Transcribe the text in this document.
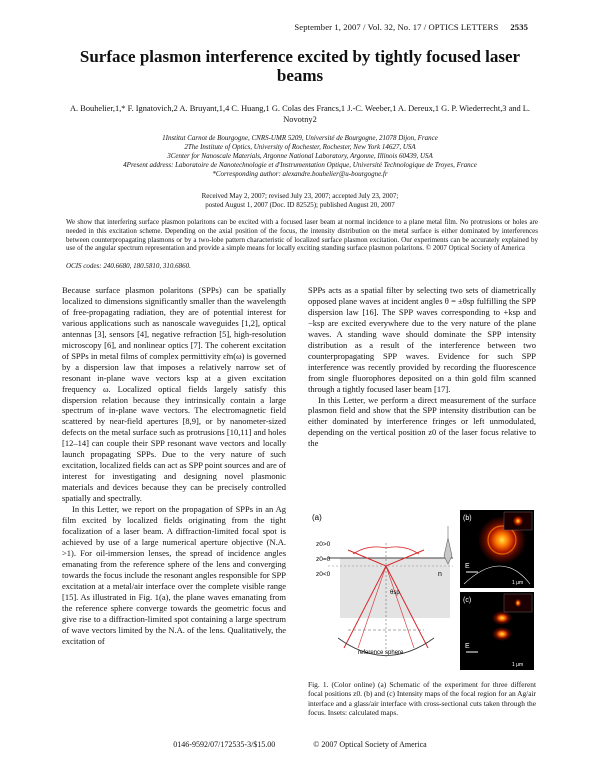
September 1, 2007 / Vol. 32, No. 17 / OPTICS LETTERS 2535
Surface plasmon interference excited by tightly focused laser beams
A. Bouhelier,1,* F. Ignatovich,2 A. Bruyant,1,4 C. Huang,1 G. Colas des Francs,1 J.-C. Weeber,1 A. Dereux,1 G. P. Wiederrecht,3 and L. Novotny2
1Institut Carnot de Bourgogne, CNRS-UMR 5209, Université de Bourgogne, 21078 Dijon, France
2The Institute of Optics, University of Rochester, Rochester, New York 14627, USA
3Center for Nanoscale Materials, Argonne National Laboratory, Argonne, Illinois 60439, USA
4Present address: Laboratoire de Nanotechnologie et d'Instrumentation Optique, Université Technologique de Troyes, France
*Corresponding author: alexandre.bouhelier@u-bourgogne.fr
Received May 2, 2007; revised July 23, 2007; accepted July 23, 2007;
posted August 1, 2007 (Doc. ID 82525); published August 20, 2007
We show that interfering surface plasmon polaritons can be excited with a focused laser beam at normal incidence to a plane metal film. No protrusions or holes are needed in this excitation scheme. Depending on the axial position of the focus, the intensity distribution on the metal surface is either dominated by interferences between counterpropagating plasmons or by a two-lobe pattern characteristic of localized surface plasmon excitation. Our experiments can be accurately explained by use of the angular spectrum representation and provide a simple means for locally exciting standing surface plasmon polaritons. © 2007 Optical Society of America
OCIS codes: 240.6680, 180.5810, 310.6860.

Because surface plasmon polaritons (SPPs) can be spatially localized to dimensions significantly smaller than the wavelength of free-propagating radiation, they are of potential interest for various applications such as nanoscale waveguides [1,2], optical antennas [3], sensors [4], negative refraction [5], high-resolution microscopy [6], and nonlinear optics [7]. The coherent excitation of SPPs in metal films of complex permittivity ε̃m(ω) is governed by a dispersion law that imposes a relatively narrow set of resonant in-plane wave vectors ksp at a given excitation frequency ω. Localized optical fields largely satisfy this dispersion relation because they intrinsically contain a large spectrum of in-plane wave vectors. The electromagnetic field scattered by near-field apertures [8,9], or by nanometer-sized defects on the metal surface such as protrusions [10,11] and holes [12–14] can couple their SPP resonant wave vectors and locally launch propagating SPPs. Due to the very nature of such excitation, localized fields can act as SPP point sources and are of interest for investigating and designing novel plasmonic materials and devices because they can be precisely controlled spatially and spectrally.

In this Letter, we report on the propagation of SPPs in an Ag film excited by localized fields originating from the tight focalization of a laser beam. A diffraction-limited focal spot is achieved by use of a large numerical aperture objective (N.A. >1). For oil-immersion lenses, the spread of incidence angles emanating from the reference sphere of the lens and converging towards the focus include the resonant angles responsible for SPP excitation at a metal/air interface over the complete visible range [15]. As illustrated in Fig. 1(a), the plane waves emanating from the reference sphere converge towards the geometric focus and give rise to a diffraction-limited spot containing a large spectrum of wave vectors limited by the N.A. of the lens. Qualitatively, the excitation of

SPPs acts as a spatial filter by selecting two sets of diametrically opposed plane waves at incident angles θ = ±θsp fulfilling the SPP dispersion law [16]. The SPP waves corresponding to +ksp and −ksp are excited everywhere due to the very nature of the plane waves. A standing wave should dominate the SPP intensity distribution as a result of the interference between two counterpropagating SPP waves. Evidence for such SPP interference was recently provided by recording the fluorescence from single fluorophores deposited on a thin gold film scanned through a tightly focused laser beam [17].

In this Letter, we perform a direct measurement of the surface plasmon field and show that the SPP intensity distribution can be either dominated by interference fringes or left unmodulated, depending on the vertical position z0 of the laser focus relative to the

(a)
z0>0
z0=0
z0<0	n
θsp
reference sphere
(b)
E
1 μm
(c)
E
1 μm
Fig. 1. (Color online) (a) Schematic of the experiment for three different focal positions z0. (b) and (c) Intensity maps of the focal region for an Ag/air interface and a glass/air interface with cross-sectional cuts taken through the focus. Insets: calculated maps.
0146-9592/07/172535-3/$15.00	© 2007 Optical Society of America
